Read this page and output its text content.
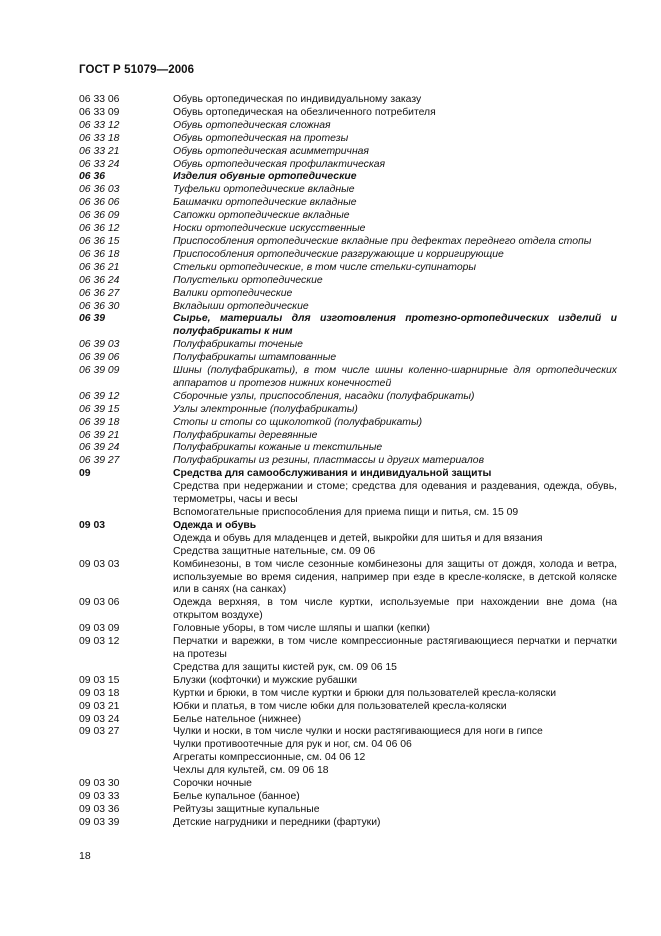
ГОСТ Р 51079—2006
06 33 06	Обувь ортопедическая по индивидуальному заказу
06 33 09	Обувь ортопедическая на обезличенного потребителя
06 33 12	Обувь ортопедическая сложная
06 33 18	Обувь ортопедическая на протезы
06 33 21	Обувь ортопедическая асимметричная
06 33 24	Обувь ортопедическая профилактическая
06 36	Изделия обувные ортопедические
06 36 03	Туфельки ортопедические вкладные
06 36 06	Башмачки ортопедические вкладные
06 36 09	Сапожки ортопедические вкладные
06 36 12	Носки ортопедические искусственные
06 36 15	Приспособления ортопедические вкладные при дефектах переднего отдела стопы
06 36 18	Приспособления ортопедические разгружающие и корригирующие
06 36 21	Стельки ортопедические, в том числе стельки-супинаторы
06 36 24	Полустельки ортопедические
06 36 27	Валики ортопедические
06 36 30	Вкладыши ортопедические
06 39	Сырье, материалы для изготовления протезно-ортопедических изделий и полуфабрикаты к ним
06 39 03	Полуфабрикаты точеные
06 39 06	Полуфабрикаты штампованные
06 39 09	Шины (полуфабрикаты), в том числе шины коленно-шарнирные для ортопедических аппаратов и протезов нижних конечностей
06 39 12	Сборочные узлы, приспособления, насадки (полуфабрикаты)
06 39 15	Узлы электронные (полуфабрикаты)
06 39 18	Стопы и стопы со щиколоткой (полуфабрикаты)
06 39 21	Полуфабрикаты деревянные
06 39 24	Полуфабрикаты кожаные и текстильные
06 39 27	Полуфабрикаты из резины, пластмассы и других материалов
09	Средства для самообслуживания и индивидуальной защиты
Средства при недержании и стоме; средства для одевания и раздевания, одежда, обувь, термометры, часы и весы
Вспомогательные приспособления для приема пищи и питья, см. 15 09
09 03	Одежда и обувь
Одежда и обувь для младенцев и детей, выкройки для шитья и для вязания
Средства защитные нательные, см. 09 06
09 03 03	Комбинезоны, в том числе сезонные комбинезоны для защиты от дождя, холода и ветра, используемые во время сидения, например при езде в кресле-коляске, в детской коляске или в санях (на санках)
09 03 06	Одежда верхняя, в том числе куртки, используемые при нахождении вне дома (на открытом воздухе)
09 03 09	Головные уборы, в том числе шляпы и шапки (кепки)
09 03 12	Перчатки и варежки, в том числе компрессионные растягивающиеся перчатки и перчатки на протезы
Средства для защиты кистей рук, см. 09 06 15
09 03 15	Блузки (кофточки) и мужские рубашки
09 03 18	Куртки и брюки, в том числе куртки и брюки для пользователей кресла-коляски
09 03 21	Юбки и платья, в том числе юбки для пользователей кресла-коляски
09 03 24	Белье нательное (нижнее)
09 03 27	Чулки и носки, в том числе чулки и носки растягивающиеся для ноги в гипсе
Чулки противоотечные для рук и ног, см. 04 06 06
Агрегаты компрессионные, см. 04 06 12
Чехлы для культей, см. 09 06 18
09 03 30	Сорочки ночные
09 03 33	Белье купальное (банное)
09 03 36	Рейтузы защитные купальные
09 03 39	Детские нагрудники и передники (фартуки)
18
